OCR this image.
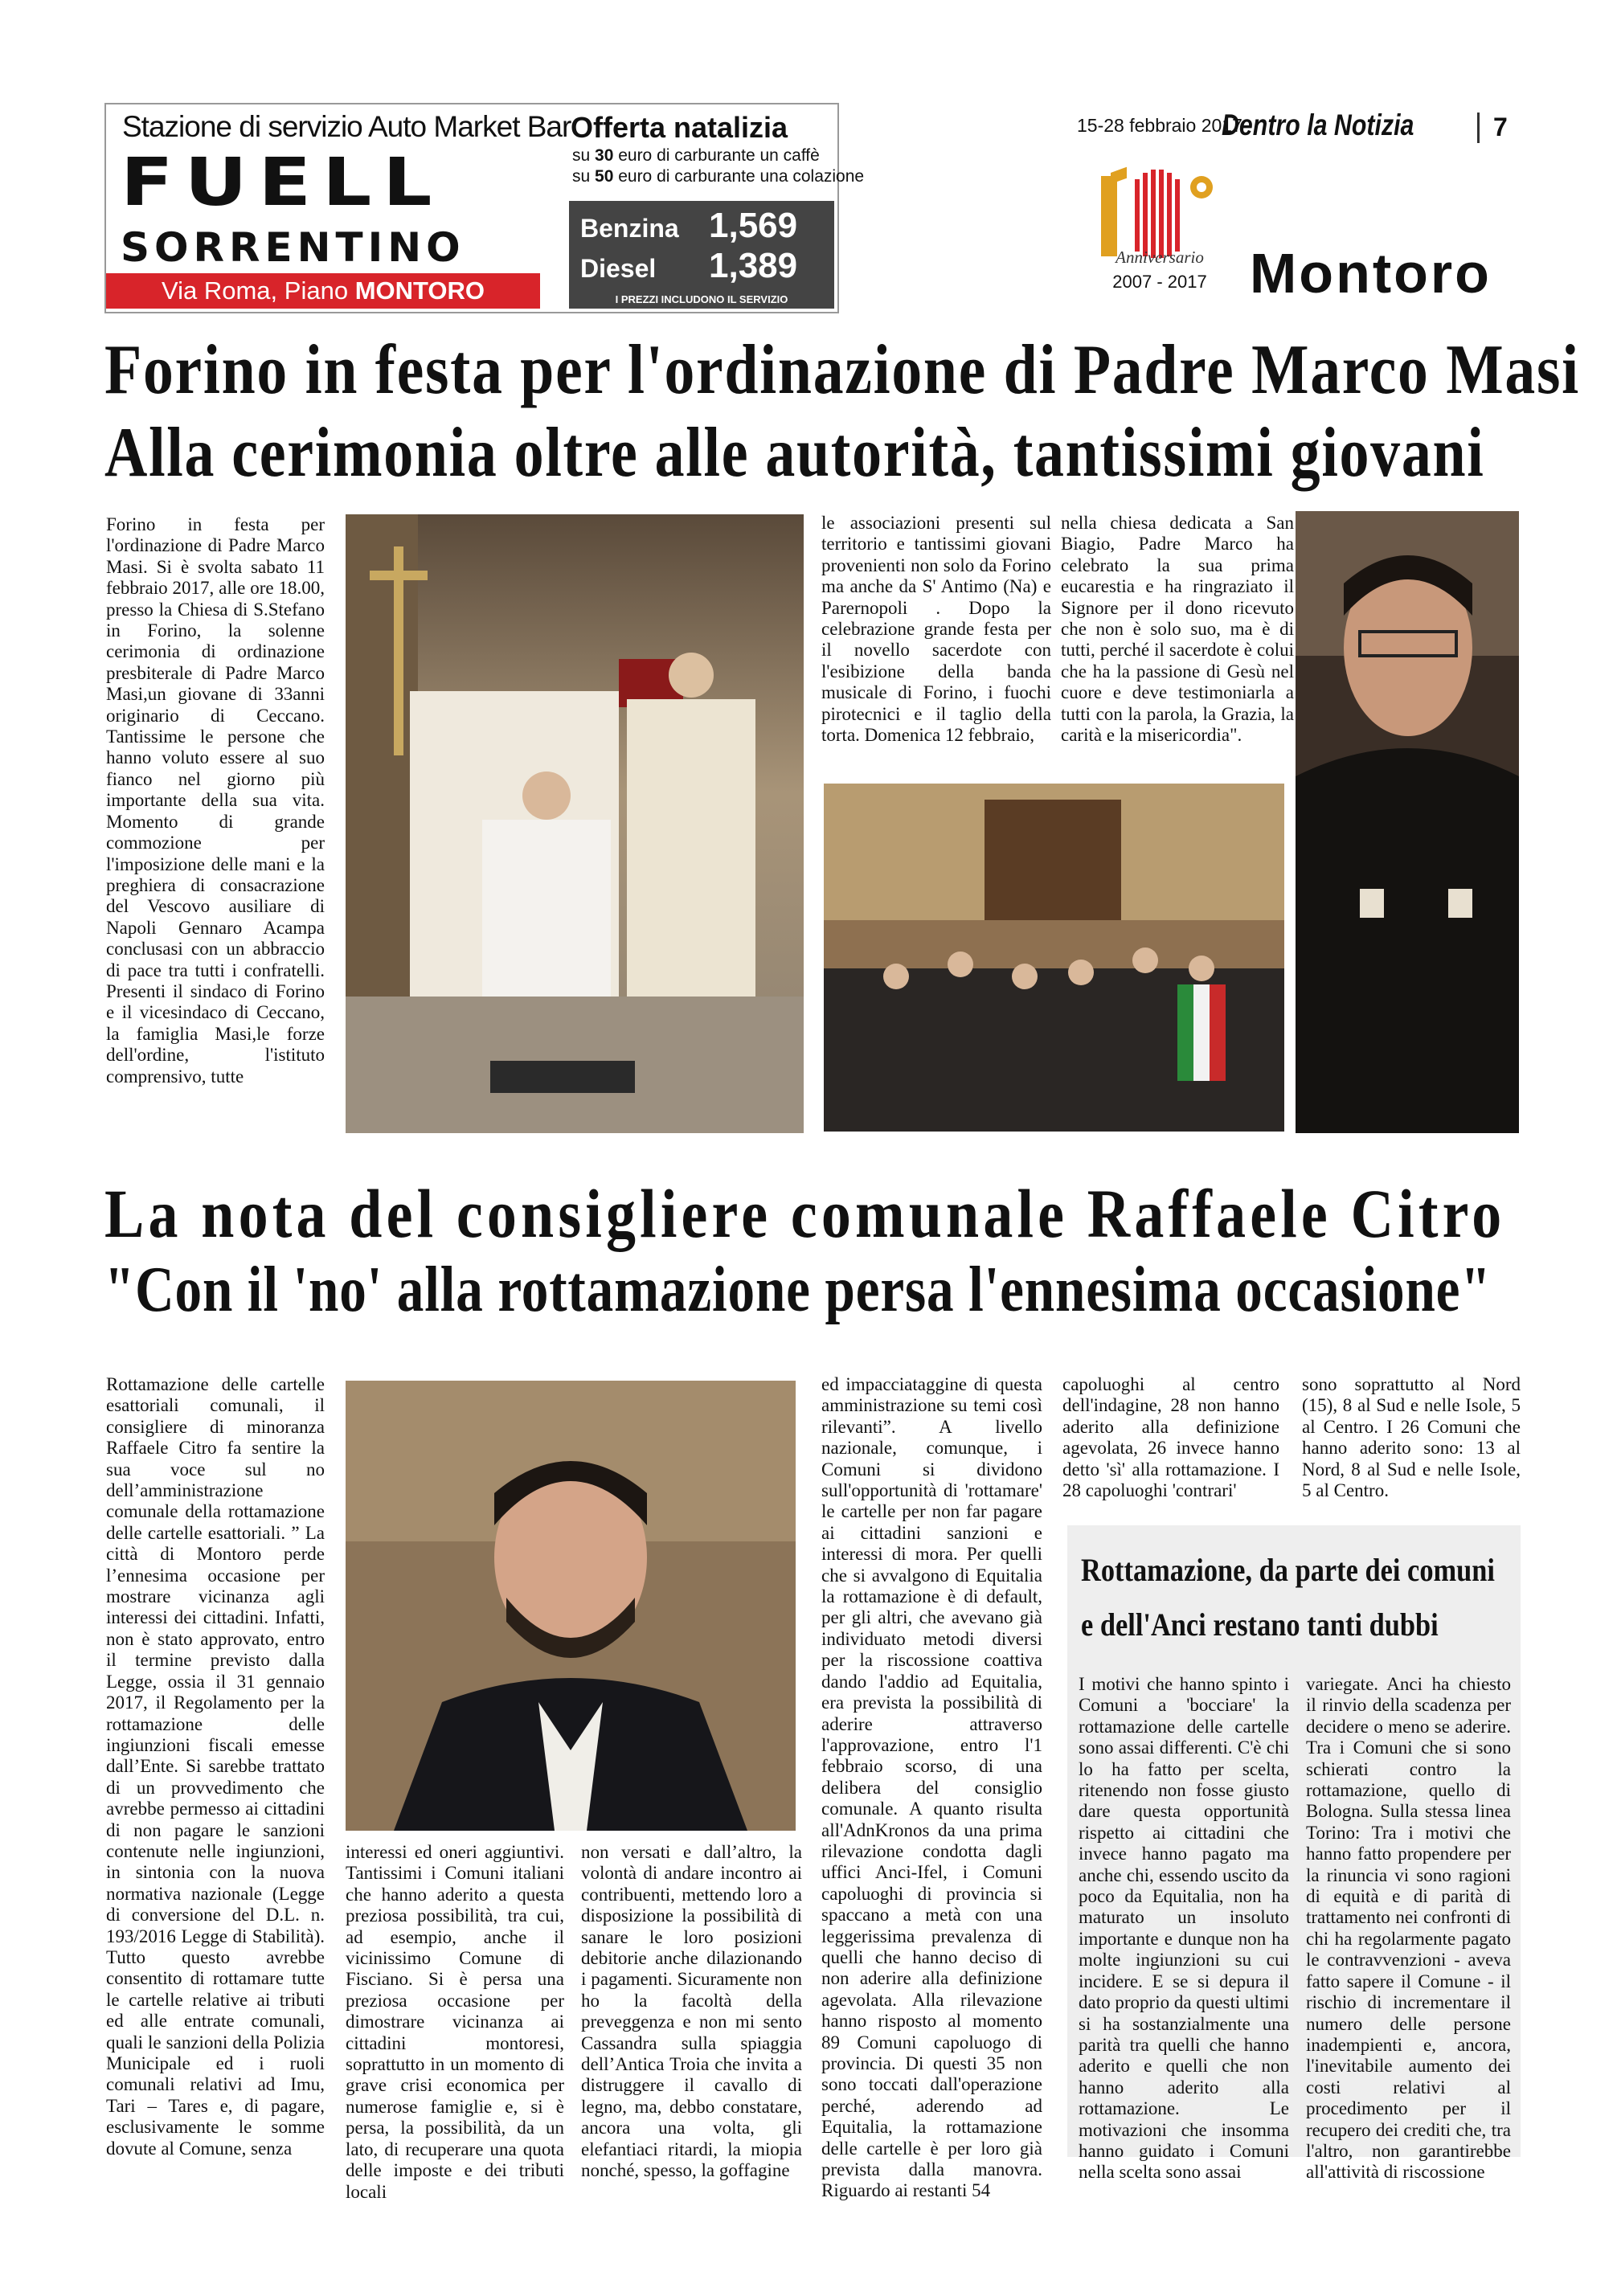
Stazione di servizio Auto Market Bar
FUELL
SORRENTINO
Via Roma, Piano MONTORO
Offerta natalizia
su 30 euro di carburante un caffè
su 50 euro di carburante una colazione
Benzina 1,569
Diesel 1,389
I PREZZI INCLUDONO IL SERVIZIO
15-28 febbraio 2017
Dentro la Notizia	7
Anniversario
2007 - 2017 Montoro
Forino in festa per l'ordinazione di Padre Marco Masi
Alla cerimonia oltre alle autorità, tantissimi giovani
Forino in festa per l'ordinazione di Padre Marco Masi. Si è svolta sabato 11 febbraio 2017, alle ore 18.00, presso la Chiesa di S.Stefano in Forino, la solenne cerimonia di ordinazione presbiterale di Padre Marco Masi,un giovane di 33anni originario di Ceccano. Tantissime le persone che hanno voluto essere al suo fianco nel giorno più importante della sua vita. Momento di grande commozione per l'imposizione delle mani e la preghiera di consacrazione del Vescovo ausiliare di Napoli Gennaro Acampa conclusasi con un abbraccio di pace tra tutti i confratelli. Presenti il sindaco di Forino e il vicesindaco di Ceccano, la famiglia Masi,le forze dell'ordine, l'istituto comprensivo, tutte
le associazioni presenti sul territorio e tantissimi giovani provenienti non solo da Forino ma anche da S' Antimo (Na) e Parernopoli . Dopo la celebrazione grande festa per il novello sacerdote con l'esibizione della banda musicale di Forino, i fuochi pirotecnici e il taglio della torta. Domenica 12 febbraio,
nella chiesa dedicata a San Biagio, Padre Marco ha celebrato la sua prima eucarestia e ha ringraziato il Signore per il dono ricevuto che non è solo suo, ma è di tutti, perché il sacerdote è colui che ha la passione di Gesù nel cuore e deve testimoniarla a tutti con la parola, la Grazia, la carità e la misericordia".
La nota del consigliere comunale Raffaele Citro
"Con il 'no' alla rottamazione persa l'ennesima occasione"
Rottamazione delle cartelle esattoriali comunali, il consigliere di minoranza Raffaele Citro fa sentire la sua voce sul no dell’amministrazione comunale della rottamazione delle cartelle esattoriali. ” La città di Montoro perde l’ennesima occasione per mostrare vicinanza agli interessi dei cittadini. Infatti, non è stato approvato, entro il termine previsto dalla Legge, ossia il 31 gennaio 2017, il Regolamento per la rottamazione delle ingiunzioni fiscali emesse dall’Ente. Si sarebbe trattato di un provvedimento che avrebbe permesso ai cittadini di non pagare le sanzioni contenute nelle ingiunzioni, in sintonia con la nuova normativa nazionale (Legge di conversione del D.L. n. 193/2016 Legge di Stabilità). Tutto questo avrebbe consentito di rottamare tutte le cartelle relative ai tributi ed alle entrate comunali, quali le sanzioni della Polizia Municipale ed i ruoli comunali relativi ad Imu, Tari – Tares e, di pagare, esclusivamente le somme dovute al Comune, senza
interessi ed oneri aggiuntivi. Tantissimi i Comuni italiani che hanno aderito a questa preziosa possibilità, tra cui, ad esempio, anche il vicinissimo Comune di Fisciano. Si è persa una preziosa occasione per dimostrare vicinanza ai cittadini montoresi, soprattutto in un momento di grave crisi economica per numerose famiglie e, si è persa, la possibilità, da un lato, di recuperare una quota delle imposte e dei tributi locali
non versati e dall’altro, la volontà di andare incontro ai contribuenti, mettendo loro a disposizione la possibilità di sanare le loro posizioni debitorie anche dilazionando i pagamenti. Sicuramente non ho la facoltà della preveggenza e non mi sento Cassandra sulla spiaggia dell’Antica Troia che invita a distruggere il cavallo di legno, ma, debbo constatare, ancora una volta, gli elefantiaci ritardi, la miopia nonché, spesso, la goffagine
ed impacciataggine di questa amministrazione su temi così rilevanti”. A livello nazionale, comunque, i Comuni si dividono sull'opportunità di 'rottamare' le cartelle per non far pagare ai cittadini sanzioni e interessi di mora. Per quelli che si avvalgono di Equitalia la rottamazione è di default, per gli altri, che avevano già individuato metodi diversi per la riscossione coattiva dando l'addio ad Equitalia, era prevista la possibilità di aderire attraverso l'approvazione, entro l'1 febbraio scorso, di una delibera del consiglio comunale. A quanto risulta all'AdnKronos da una prima rilevazione condotta dagli uffici Anci-Ifel, i Comuni capoluoghi di provincia si spaccano a metà con una leggerissima prevalenza di quelli che hanno deciso di non aderire alla definizione agevolata. Alla rilevazione hanno risposto al momento 89 Comuni capoluogo di provincia. Di questi 35 non sono toccati dall'operazione perché, aderendo ad Equitalia, la rottamazione delle cartelle è per loro già prevista dalla manovra. Riguardo ai restanti 54
capoluoghi al centro dell'indagine, 28 non hanno aderito alla definizione agevolata, 26 invece hanno detto 'sì' alla rottamazione. I 28 capoluoghi 'contrari'
sono soprattutto al Nord (15), 8 al Sud e nelle Isole, 5 al Centro. I 26 Comuni che hanno aderito sono: 13 al Nord, 8 al Sud e nelle Isole, 5 al Centro.
Rottamazione, da parte dei comuni
e dell'Anci restano tanti dubbi
I motivi che hanno spinto i Comuni a 'bocciare' la rottamazione delle cartelle sono assai differenti. C'è chi lo ha fatto per scelta, ritenendo non fosse giusto dare questa opportunità rispetto ai cittadini che invece hanno pagato ma anche chi, essendo uscito da poco da Equitalia, non ha maturato un insoluto importante e dunque non ha molte ingiunzioni su cui incidere. E se si depura il dato proprio da questi ultimi si ha sostanzialmente una parità tra quelli che hanno aderito e quelli che non hanno aderito alla rottamazione. Le motivazioni che insomma hanno guidato i Comuni nella scelta sono assai
variegate. Anci ha chiesto il rinvio della scadenza per decidere o meno se aderire. Tra i Comuni che si sono schierati contro la rottamazione, quello di Bologna. Sulla stessa linea Torino: Tra i motivi che hanno fatto propendere per la rinuncia vi sono ragioni di equità e di parità di trattamento nei confronti di chi ha regolarmente pagato le contravvenzioni - aveva fatto sapere il Comune - il rischio di incrementare il numero delle persone inadempienti e, ancora, l'inevitabile aumento dei costi relativi al procedimento per il recupero dei crediti che, tra l'altro, non garantirebbe all'attività di riscossione
